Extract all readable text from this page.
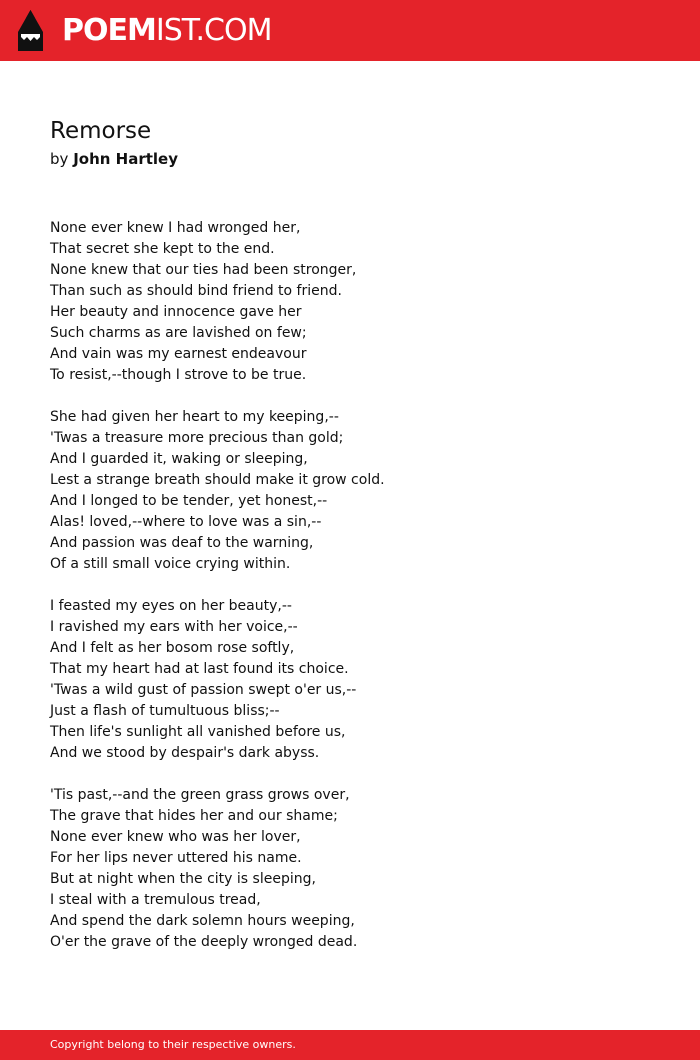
POEMIST.COM
Remorse
by John Hartley
None ever knew I had wronged her,
That secret she kept to the end.
None knew that our ties had been stronger,
Than such as should bind friend to friend.
Her beauty and innocence gave her
Such charms as are lavished on few;
And vain was my earnest endeavour
To resist,--though I strove to be true.
She had given her heart to my keeping,--
'Twas a treasure more precious than gold;
And I guarded it, waking or sleeping,
Lest a strange breath should make it grow cold.
And I longed to be tender, yet honest,--
Alas! loved,--where to love was a sin,--
And passion was deaf to the warning,
Of a still small voice crying within.
I feasted my eyes on her beauty,--
I ravished my ears with her voice,--
And I felt as her bosom rose softly,
That my heart had at last found its choice.
'Twas a wild gust of passion swept o'er us,--
Just a flash of tumultuous bliss;--
Then life's sunlight all vanished before us,
And we stood by despair's dark abyss.
'Tis past,--and the green grass grows over,
The grave that hides her and our shame;
None ever knew who was her lover,
For her lips never uttered his name.
But at night when the city is sleeping,
I steal with a tremulous tread,
And spend the dark solemn hours weeping,
O'er the grave of the deeply wronged dead.
Copyright belong to their respective owners.
